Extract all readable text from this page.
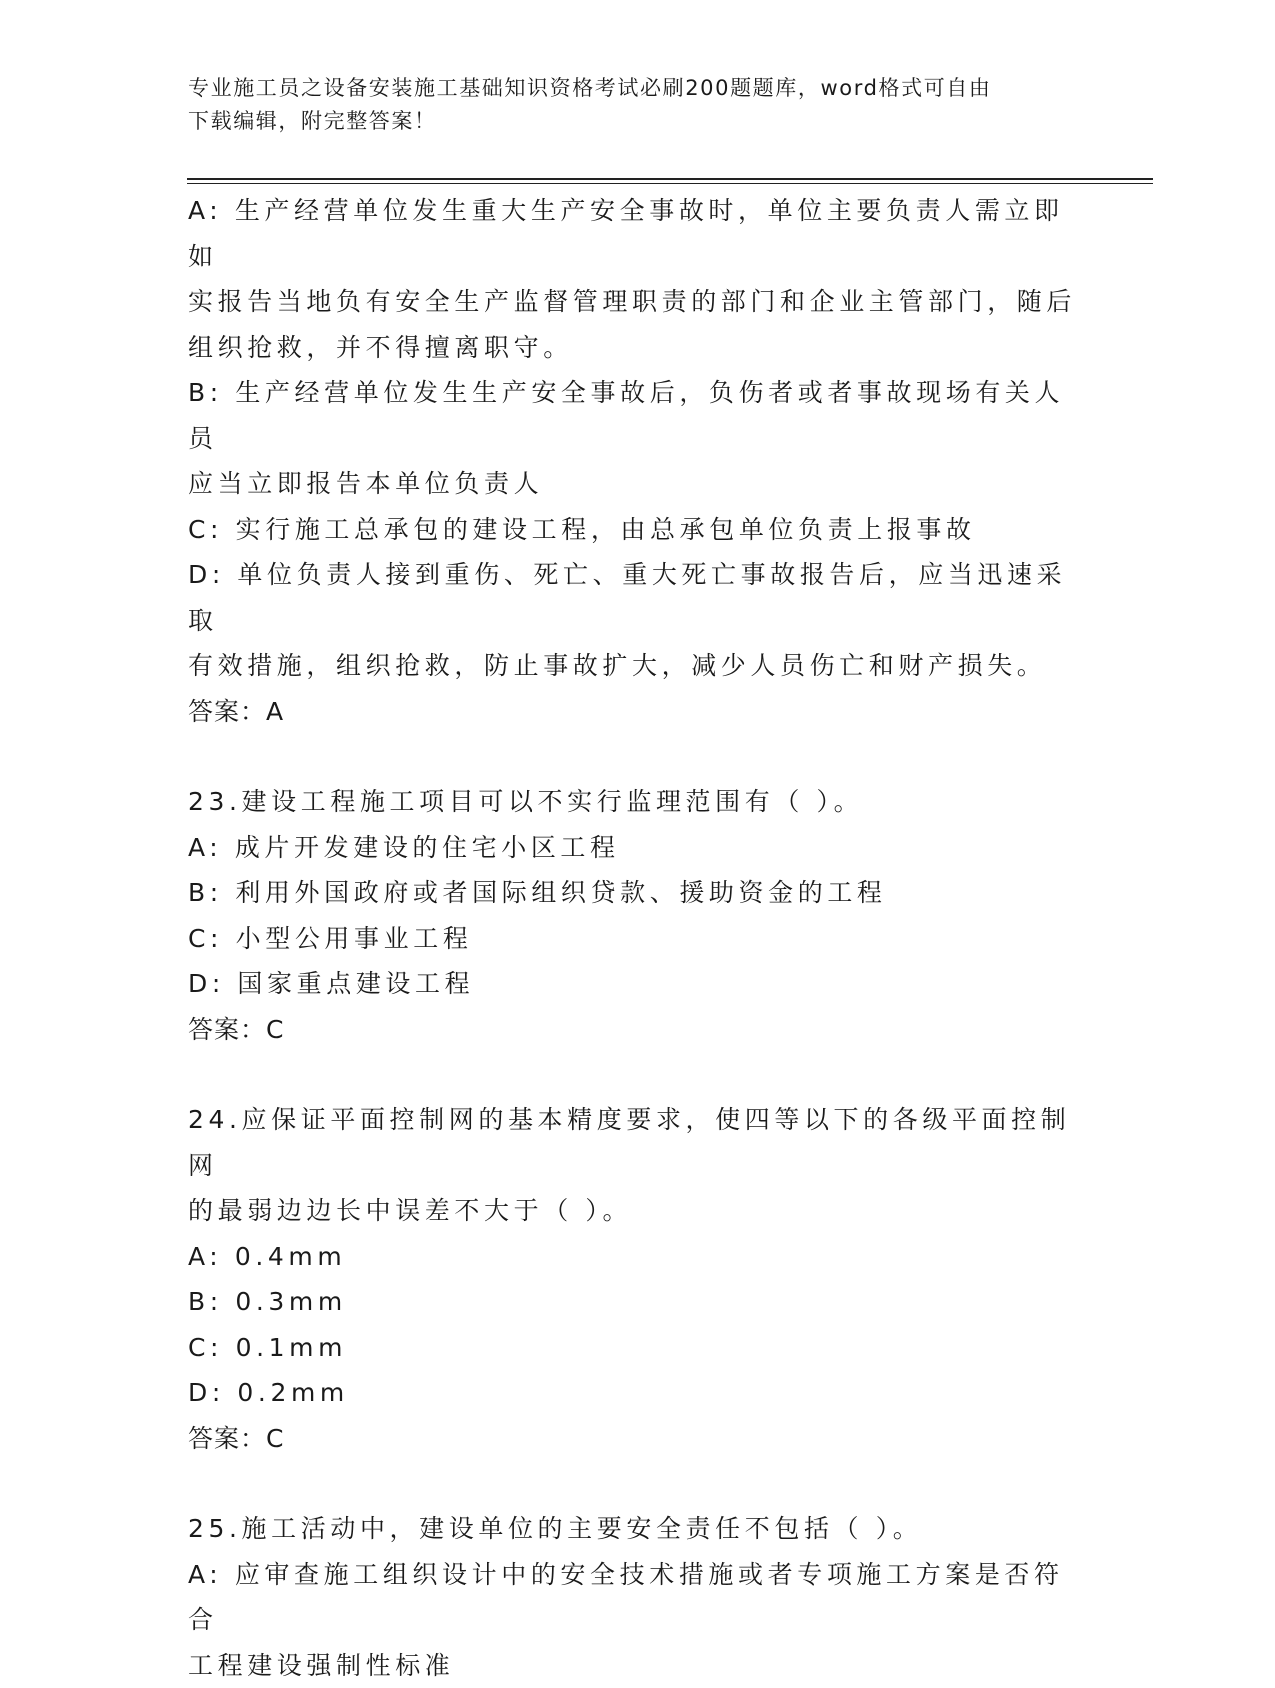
专业施工员之设备安装施工基础知识资格考试必刷200题题库，word格式可自由
下载编辑，附完整答案！

A: 生产经营单位发生重大生产安全事故时，单位主要负责人需立即如

实报告当地负有安全生产监督管理职责的部门和企业主管部门，随后

组织抢救，并不得擅离职守。

B: 生产经营单位发生生产安全事故后，负伤者或者事故现场有关人员

应当立即报告本单位负责人

C: 实行施工总承包的建设工程，由总承包单位负责上报事故

D: 单位负责人接到重伤、死亡、重大死亡事故报告后，应当迅速采取

有效措施，组织抢救，防止事故扩大，减少人员伤亡和财产损失。

答案：A

23.建设工程施工项目可以不实行监理范围有（ ）。

A: 成片开发建设的住宅小区工程

B: 利用外国政府或者国际组织贷款、援助资金的工程

C: 小型公用事业工程

D: 国家重点建设工程

答案：C

24.应保证平面控制网的基本精度要求，使四等以下的各级平面控制网

的最弱边边长中误差不大于（ ）。

A: 0.4mm

B: 0.3mm

C: 0.1mm

D: 0.2mm

答案：C

25.施工活动中，建设单位的主要安全责任不包括（ ）。

A: 应审查施工组织设计中的安全技术措施或者专项施工方案是否符合

工程建设强制性标准
